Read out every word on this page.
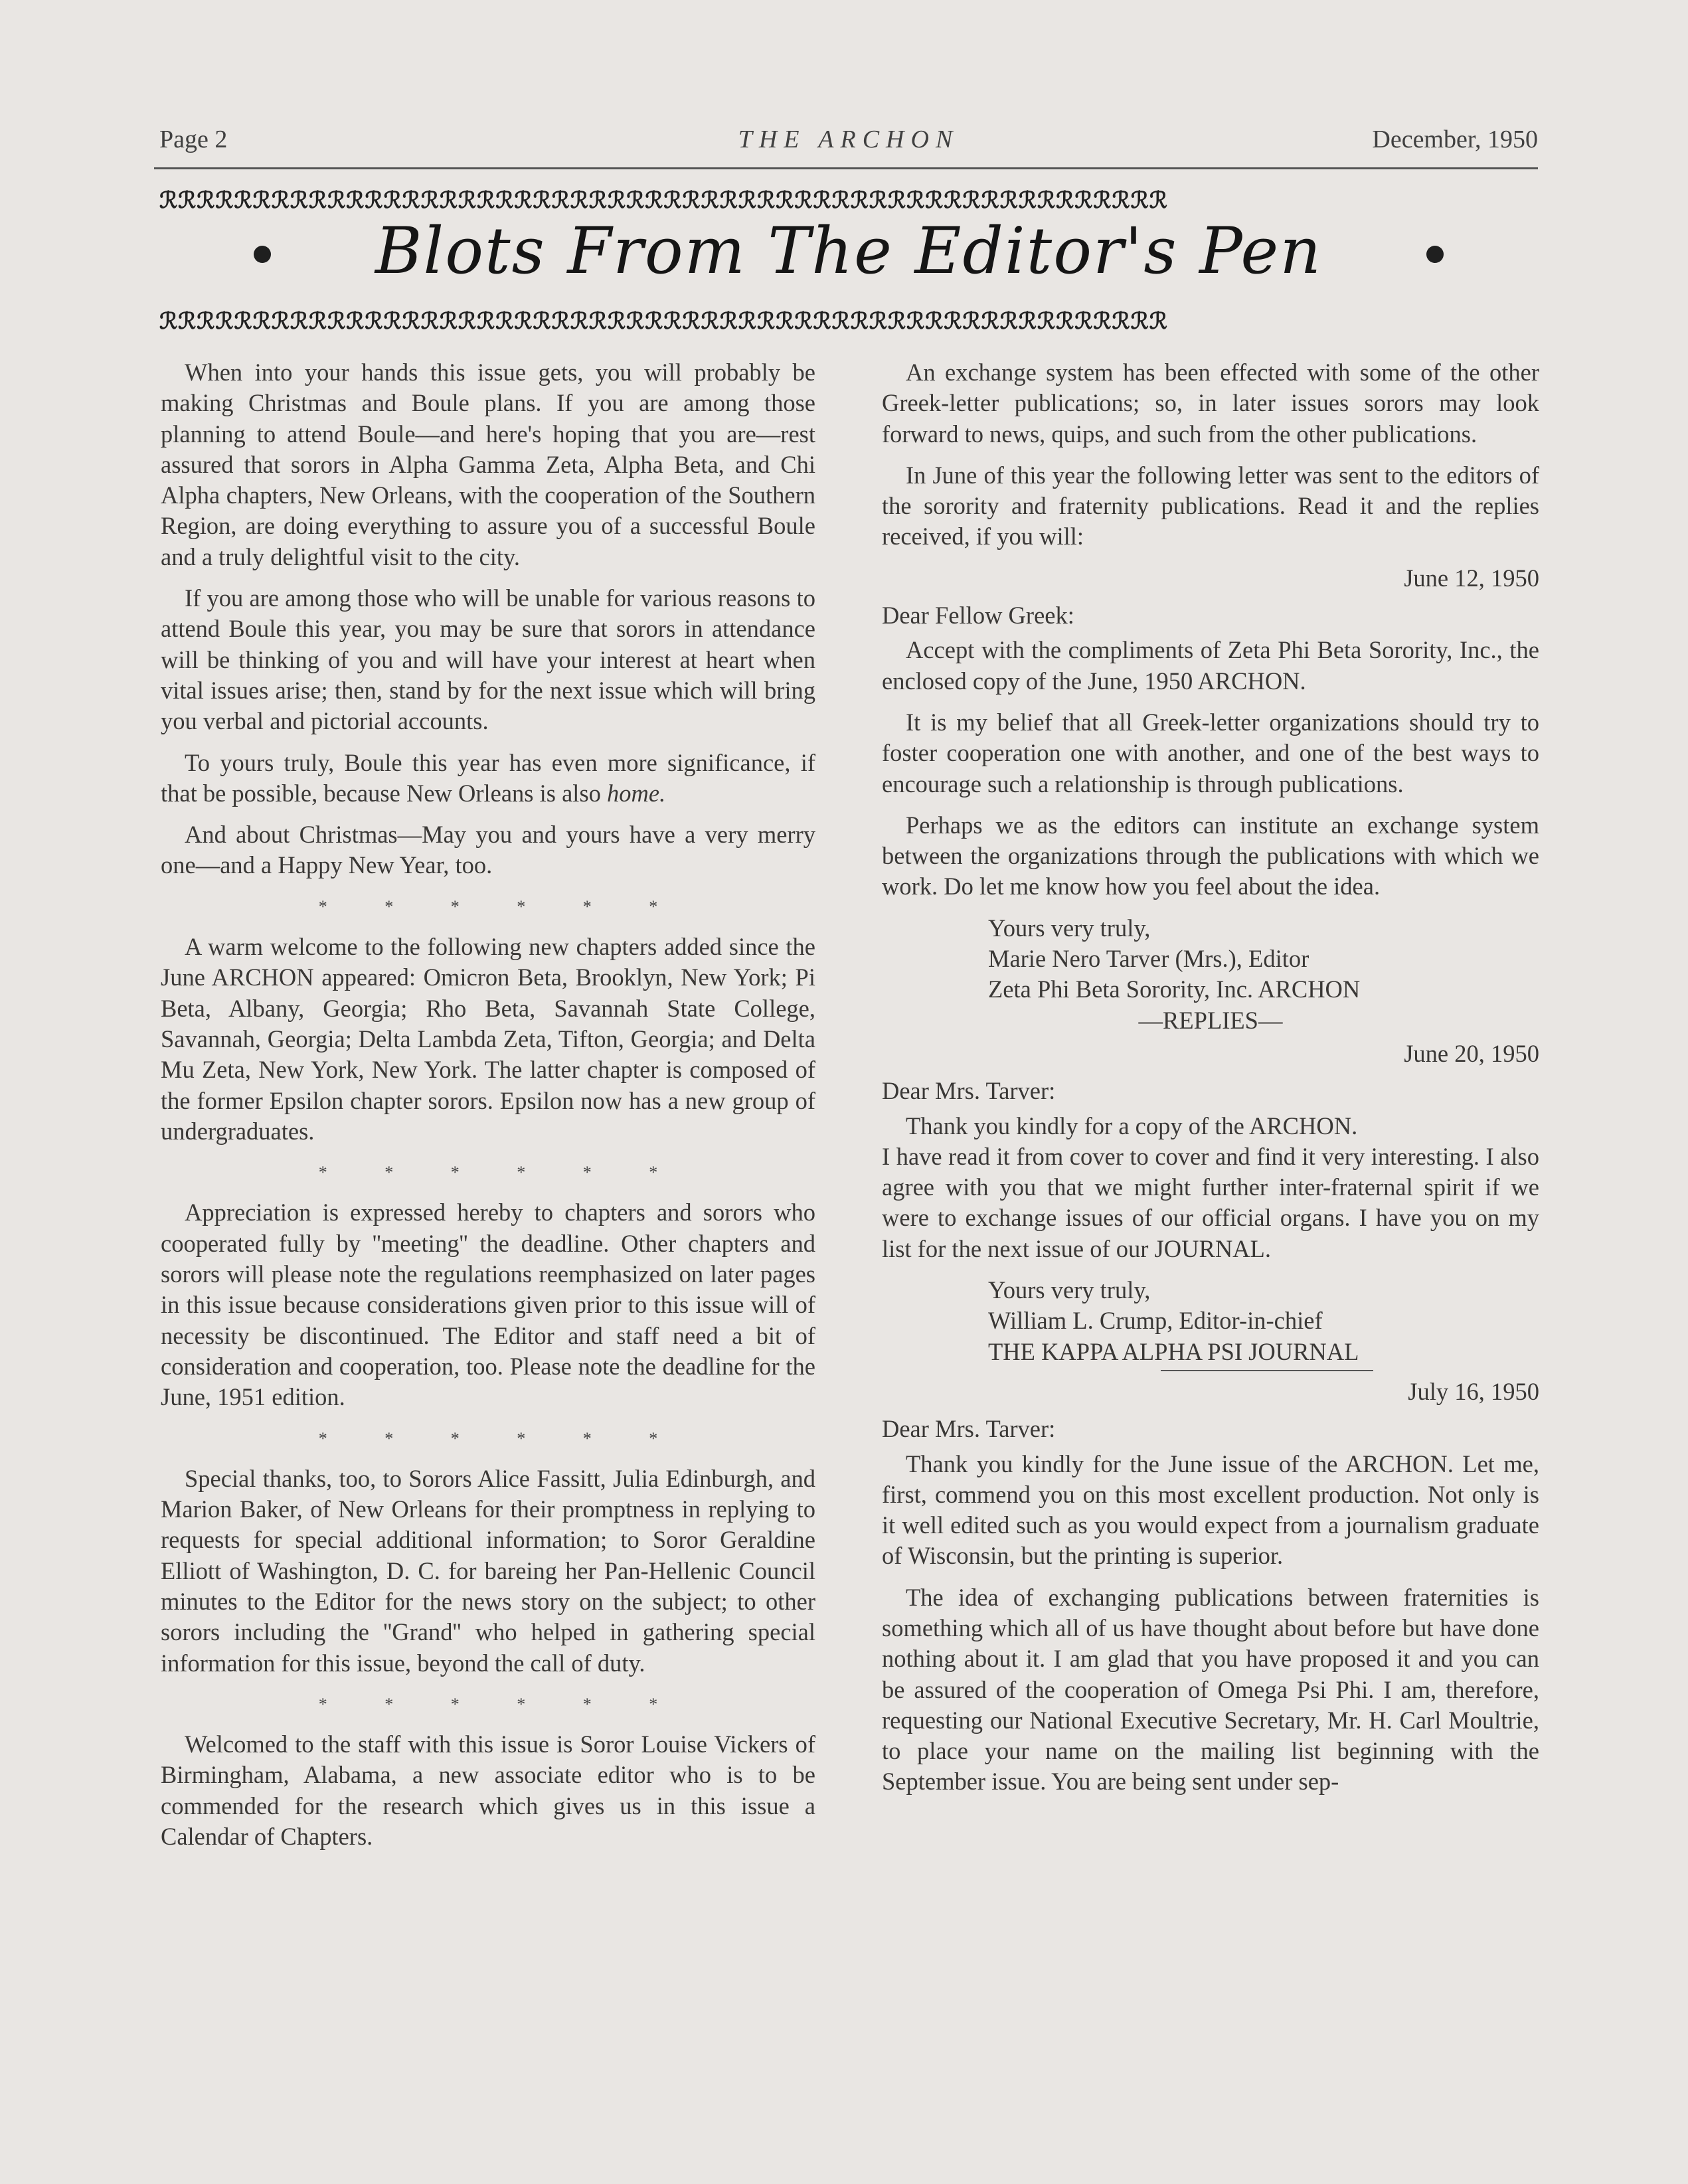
Page 2	THE ARCHON	December, 1950
ℛℛℛℛℛℛℛℛℛℛℛℛℛℛℛℛℛℛℛℛℛℛℛℛℛℛℛℛℛℛℛℛℛℛℛℛℛℛℛℛℛℛℛℛℛℛℛℛℛℛℛℛℛℛ
Blots From The Editor's Pen
ℛℛℛℛℛℛℛℛℛℛℛℛℛℛℛℛℛℛℛℛℛℛℛℛℛℛℛℛℛℛℛℛℛℛℛℛℛℛℛℛℛℛℛℛℛℛℛℛℛℛℛℛℛℛ

When into your hands this issue gets, you will probably be making Christmas and Boule plans. If you are among those planning to attend Boule—and here's hoping that you are—rest assured that sorors in Alpha Gamma Zeta, Alpha Beta, and Chi Alpha chapters, New Orleans, with the cooperation of the Southern Region, are doing everything to assure you of a successful Boule and a truly delightful visit to the city.

If you are among those who will be unable for various reasons to attend Boule this year, you may be sure that sorors in attendance will be thinking of you and will have your interest at heart when vital issues arise; then, stand by for the next issue which will bring you verbal and pictorial accounts.

To yours truly, Boule this year has even more significance, if that be possible, because New Orleans is also home.

And about Christmas—May you and yours have a very merry one—and a Happy New Year, too.

* * * * * *

A warm welcome to the following new chapters added since the June ARCHON appeared: Omicron Beta, Brooklyn, New York; Pi Beta, Albany, Georgia; Rho Beta, Savannah State College, Savannah, Georgia; Delta Lambda Zeta, Tifton, Georgia; and Delta Mu Zeta, New York, New York. The latter chapter is composed of the former Epsilon chapter sorors. Epsilon now has a new group of undergraduates.

* * * * * *

Appreciation is expressed hereby to chapters and sorors who cooperated fully by ''meeting'' the deadline. Other chapters and sorors will please note the regulations reemphasized on later pages in this issue because considerations given prior to this issue will of necessity be discontinued. The Editor and staff need a bit of consideration and cooperation, too. Please note the deadline for the June, 1951 edition.

* * * * * *

Special thanks, too, to Sorors Alice Fassitt, Julia Edinburgh, and Marion Baker, of New Orleans for their promptness in replying to requests for special additional information; to Soror Geraldine Elliott of Washington, D. C. for bareing her Pan-Hellenic Council minutes to the Editor for the news story on the subject; to other sorors including the ''Grand'' who helped in gathering special information for this issue, beyond the call of duty.

* * * * * *

Welcomed to the staff with this issue is Soror Louise Vickers of Birmingham, Alabama, a new associate editor who is to be commended for the research which gives us in this issue a Calendar of Chapters.

An exchange system has been effected with some of the other Greek-letter publications; so, in later issues sorors may look forward to news, quips, and such from the other publications.

In June of this year the following letter was sent to the editors of the sorority and fraternity publications. Read it and the replies received, if you will:

June 12, 1950
Dear Fellow Greek:

Accept with the compliments of Zeta Phi Beta Sorority, Inc., the enclosed copy of the June, 1950 ARCHON.

It is my belief that all Greek-letter organizations should try to foster cooperation one with another, and one of the best ways to encourage such a relationship is through publications.

Perhaps we as the editors can institute an exchange system between the organizations through the publications with which we work. Do let me know how you feel about the idea.

Yours very truly,
Marie Nero Tarver (Mrs.), Editor
Zeta Phi Beta Sorority, Inc. ARCHON
—REPLIES—
June 20, 1950
Dear Mrs. Tarver:

Thank you kindly for a copy of the ARCHON.

I have read it from cover to cover and find it very interesting. I also agree with you that we might further inter-fraternal spirit if we were to exchange issues of our official organs. I have you on my list for the next issue of our JOURNAL.

Yours very truly,
William L. Crump, Editor-in-chief
THE KAPPA ALPHA PSI JOURNAL
July 16, 1950
Dear Mrs. Tarver:

Thank you kindly for the June issue of the ARCHON. Let me, first, commend you on this most excellent production. Not only is it well edited such as you would expect from a journalism graduate of Wisconsin, but the printing is superior.

The idea of exchanging publications between fraternities is something which all of us have thought about before but have done nothing about it. I am glad that you have proposed it and you can be assured of the cooperation of Omega Psi Phi. I am, therefore, requesting our National Executive Secretary, Mr. H. Carl Moultrie, to place your name on the mailing list beginning with the September issue. You are being sent under sep-
